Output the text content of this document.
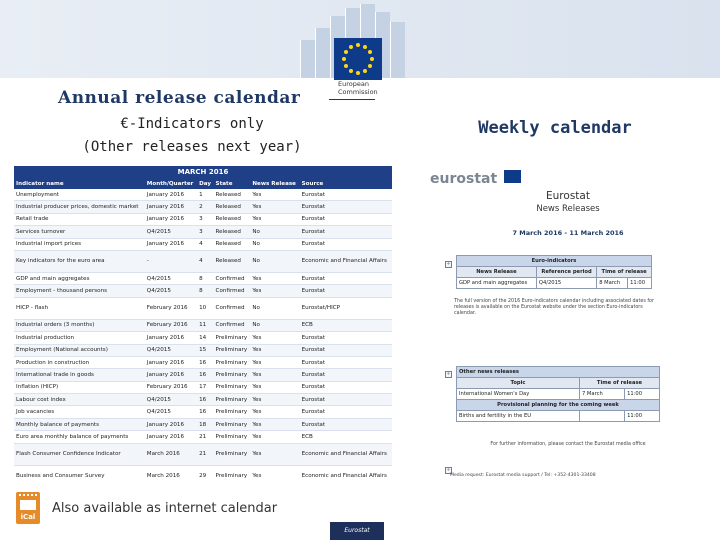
European Commission
Annual release calendar
€-Indicators only
(Other releases next year)
Weekly calendar
MARCH 2016
Indicator name	Month/Quarter	Day	State	News Release	Source
Unemployment	January 2016	1	Released	Yes	Eurostat
Industrial producer prices, domestic market	January 2016	2	Released	Yes	Eurostat
Retail trade	January 2016	3	Released	Yes	Eurostat
Services turnover	Q4/2015	3	Released	No	Eurostat
Industrial import prices	January 2016	4	Released	No	Eurostat
Key indicators for the euro area	-	4	Released	No	Economic and Financial Affairs
GDP and main aggregates	Q4/2015	8	Confirmed	Yes	Eurostat
Employment - thousand persons	Q4/2015	8	Confirmed	Yes	Eurostat
HICP - flash	February 2016	10	Confirmed	No	Eurostat/HICP
Industrial orders (3 months)	February 2016	11	Confirmed	No	ECB
Industrial production	January 2016	14	Preliminary	Yes	Eurostat
Employment (National accounts)	Q4/2015	15	Preliminary	Yes	Eurostat
Production in construction	January 2016	16	Preliminary	Yes	Eurostat
International trade in goods	January 2016	16	Preliminary	Yes	Eurostat
Inflation (HICP)	February 2016	17	Preliminary	Yes	Eurostat
Labour cost index	Q4/2015	16	Preliminary	Yes	Eurostat
Job vacancies	Q4/2015	16	Preliminary	Yes	Eurostat
Monthly balance of payments	January 2016	18	Preliminary	Yes	Eurostat
Euro area monthly balance of payments	January 2016	21	Preliminary	Yes	ECB
Flash Consumer Confidence Indicator	March 2016	21	Preliminary	Yes	Economic and Financial Affairs
Business and Consumer Survey	March 2016	29	Preliminary	Yes	Economic and Financial Affairs
eurostat
Eurostat
News Releases
7 March 2016 - 11 March 2016
+	Euro-indicators			
News Release	Reference period	Time of release	
GDP and main aggregates	Q4/2015	8 March	11:00
The full version of the 2016 Euro-indicators calendar including associated dates for releases is available on the Eurostat website under the section Euro-indicators calendar.
+ Other news releases		
Topic	Time of release	
International Women's Day	7 March	11:00
Provisional planning for the coming week		
Births and fertility in the EU		11:00
For further information, please contact the Eurostat media office
+
Media request: Eurostat media support / Tel: +352-4301-33408
iCal
Also available as internet calendar
Eurostat
